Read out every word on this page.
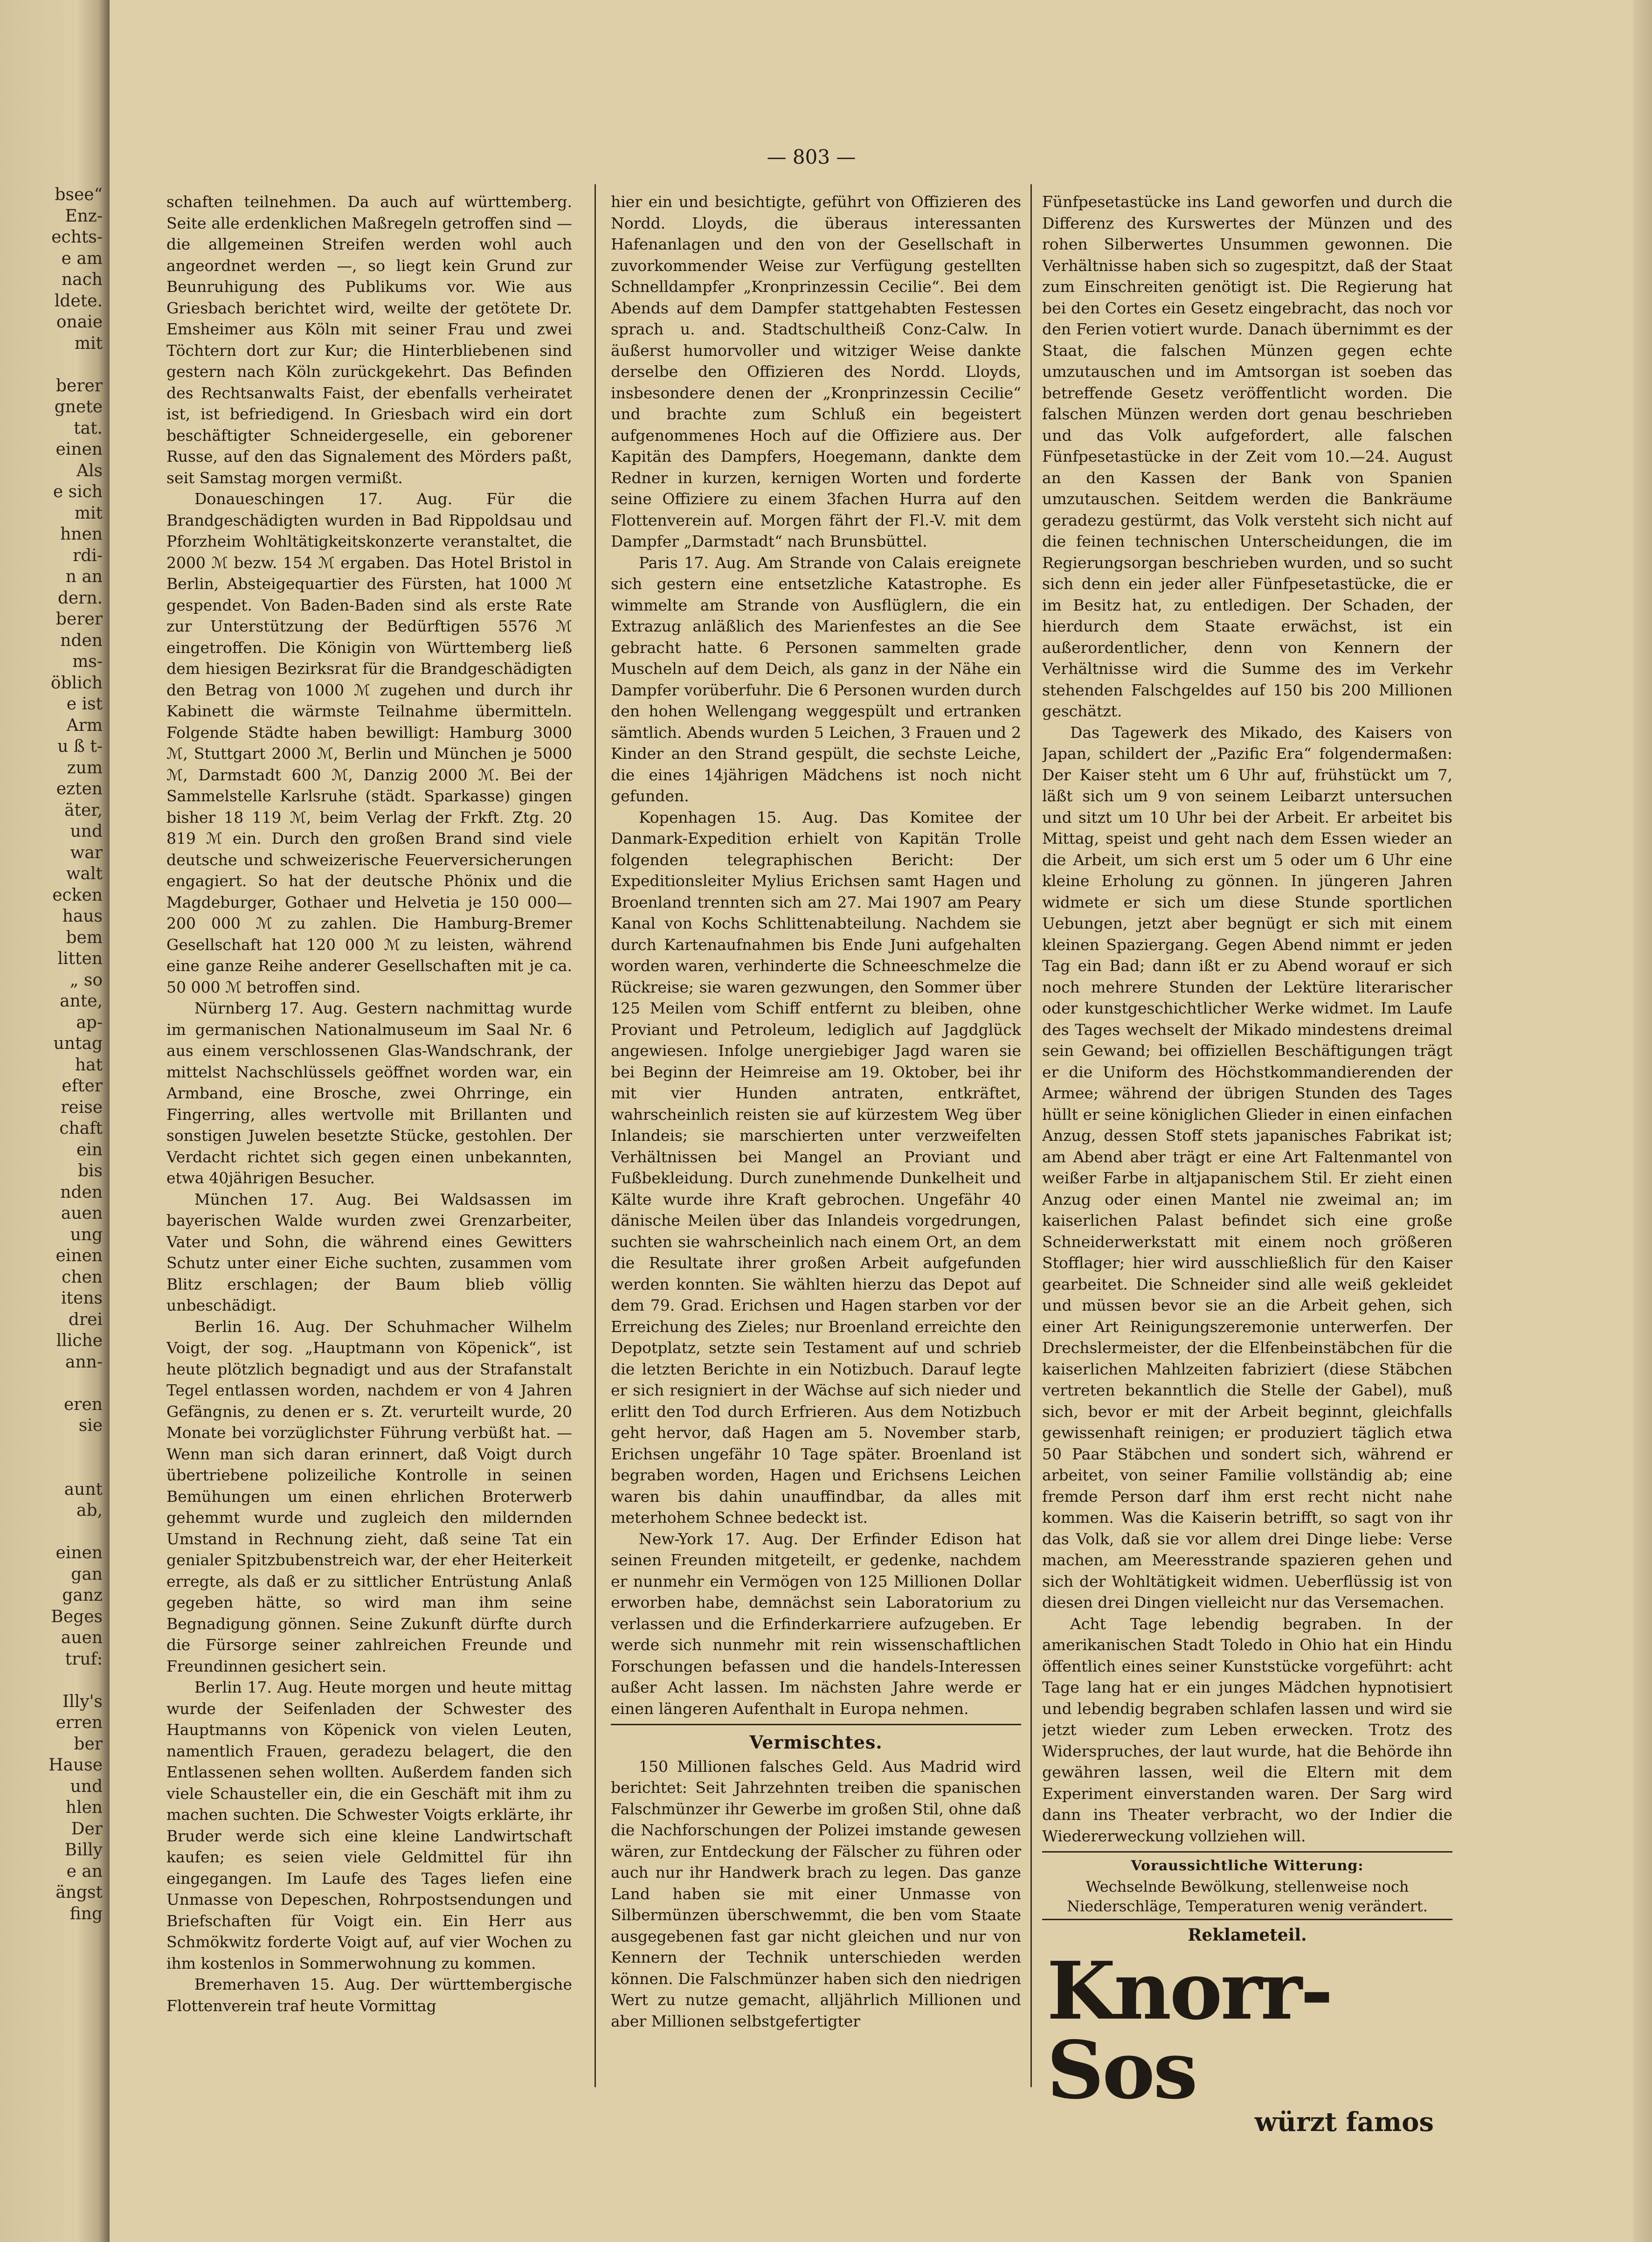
bsee“
Enz-
echts-
e am
nach
ldete.
onaie
mit

berer
gnete
tat.
einen
Als
e sich
mit
hnen
rdi-
n an
dern.
berer
nden
ms-
öblich
e ist
Arm
u ß t-
zum
ezten
äter,
und
war
walt
ecken
haus
bem
litten
„ so
ante,
ap-
untag
hat
efter
reise
chaft
ein
bis
nden
auen
ung
einen
chen
itens
drei
lliche
ann-

eren
sie

aunt
ab,

einen
gan
ganz
Beges
auen
truf:

Illy's
erren
ber
Hause
und
hlen
Der
Billy
e an
ängst
fing
— 803 —

schaften teilnehmen. Da auch auf württemberg. Seite alle erdenklichen Maßregeln getroffen sind — die allgemeinen Streifen werden wohl auch angeordnet werden —, so liegt kein Grund zur Beunruhigung des Publikums vor. Wie aus Griesbach berichtet wird, weilte der getötete Dr. Emsheimer aus Köln mit seiner Frau und zwei Töchtern dort zur Kur; die Hinterbliebenen sind gestern nach Köln zurückgekehrt. Das Befinden des Rechtsanwalts Faist, der ebenfalls verheiratet ist, ist befriedigend. In Griesbach wird ein dort beschäftigter Schneidergeselle, ein geborener Russe, auf den das Signalement des Mörders paßt, seit Samstag morgen vermißt.

Donaueschingen 17. Aug. Für die Brandgeschädigten wurden in Bad Rippoldsau und Pforzheim Wohltätigkeitskonzerte veranstaltet, die 2000 ℳ bezw. 154 ℳ ergaben. Das Hotel Bristol in Berlin, Absteigequartier des Fürsten, hat 1000 ℳ gespendet. Von Baden-Baden sind als erste Rate zur Unterstützung der Bedürftigen 5576 ℳ eingetroffen. Die Königin von Württemberg ließ dem hiesigen Bezirksrat für die Brandgeschädigten den Betrag von 1000 ℳ zugehen und durch ihr Kabinett die wärmste Teilnahme übermitteln. Folgende Städte haben bewilligt: Hamburg 3000 ℳ, Stuttgart 2000 ℳ, Berlin und München je 5000 ℳ, Darmstadt 600 ℳ, Danzig 2000 ℳ. Bei der Sammelstelle Karlsruhe (städt. Sparkasse) gingen bisher 18 119 ℳ, beim Verlag der Frkft. Ztg. 20 819 ℳ ein. Durch den großen Brand sind viele deutsche und schweizerische Feuerversicherungen engagiert. So hat der deutsche Phönix und die Magdeburger, Gothaer und Helvetia je 150 000—200 000 ℳ zu zahlen. Die Hamburg-Bremer Gesellschaft hat 120 000 ℳ zu leisten, während eine ganze Reihe anderer Gesellschaften mit je ca. 50 000 ℳ betroffen sind.

Nürnberg 17. Aug. Gestern nachmittag wurde im germanischen Nationalmuseum im Saal Nr. 6 aus einem verschlossenen Glas-Wandschrank, der mittelst Nachschlüssels geöffnet worden war, ein Armband, eine Brosche, zwei Ohrringe, ein Fingerring, alles wertvolle mit Brillanten und sonstigen Juwelen besetzte Stücke, gestohlen. Der Verdacht richtet sich gegen einen unbekannten, etwa 40jährigen Besucher.

München 17. Aug. Bei Waldsassen im bayerischen Walde wurden zwei Grenzarbeiter, Vater und Sohn, die während eines Gewitters Schutz unter einer Eiche suchten, zusammen vom Blitz erschlagen; der Baum blieb völlig unbeschädigt.

Berlin 16. Aug. Der Schuhmacher Wilhelm Voigt, der sog. „Hauptmann von Köpenick“, ist heute plötzlich begnadigt und aus der Strafanstalt Tegel entlassen worden, nachdem er von 4 Jahren Gefängnis, zu denen er s. Zt. verurteilt wurde, 20 Monate bei vorzüglichster Führung verbüßt hat. — Wenn man sich daran erinnert, daß Voigt durch übertriebene polizeiliche Kontrolle in seinen Bemühungen um einen ehrlichen Broterwerb gehemmt wurde und zugleich den mildernden Umstand in Rechnung zieht, daß seine Tat ein genialer Spitzbubenstreich war, der eher Heiterkeit erregte, als daß er zu sittlicher Entrüstung Anlaß gegeben hätte, so wird man ihm seine Begnadigung gönnen. Seine Zukunft dürfte durch die Fürsorge seiner zahlreichen Freunde und Freundinnen gesichert sein.

Berlin 17. Aug. Heute morgen und heute mittag wurde der Seifenladen der Schwester des Hauptmanns von Köpenick von vielen Leuten, namentlich Frauen, geradezu belagert, die den Entlassenen sehen wollten. Außerdem fanden sich viele Schausteller ein, die ein Geschäft mit ihm zu machen suchten. Die Schwester Voigts erklärte, ihr Bruder werde sich eine kleine Landwirtschaft kaufen; es seien viele Geldmittel für ihn eingegangen. Im Laufe des Tages liefen eine Unmasse von Depeschen, Rohrpostsendungen und Briefschaften für Voigt ein. Ein Herr aus Schmökwitz forderte Voigt auf, auf vier Wochen zu ihm kostenlos in Sommerwohnung zu kommen.

Bremerhaven 15. Aug. Der württembergische Flottenverein traf heute Vormittag

hier ein und besichtigte, geführt von Offizieren des Nordd. Lloyds, die überaus interessanten Hafenanlagen und den von der Gesellschaft in zuvorkommender Weise zur Verfügung gestellten Schnelldampfer „Kronprinzessin Cecilie“. Bei dem Abends auf dem Dampfer stattgehabten Festessen sprach u. and. Stadtschultheiß Conz-Calw. In äußerst humorvoller und witziger Weise dankte derselbe den Offizieren des Nordd. Lloyds, insbesondere denen der „Kronprinzessin Cecilie“ und brachte zum Schluß ein begeistert aufgenommenes Hoch auf die Offiziere aus. Der Kapitän des Dampfers, Hoegemann, dankte dem Redner in kurzen, kernigen Worten und forderte seine Offiziere zu einem 3fachen Hurra auf den Flottenverein auf. Morgen fährt der Fl.-V. mit dem Dampfer „Darmstadt“ nach Brunsbüttel.

Paris 17. Aug. Am Strande von Calais ereignete sich gestern eine entsetzliche Katastrophe. Es wimmelte am Strande von Ausflüglern, die ein Extrazug anläßlich des Marienfestes an die See gebracht hatte. 6 Personen sammelten grade Muscheln auf dem Deich, als ganz in der Nähe ein Dampfer vorüberfuhr. Die 6 Personen wurden durch den hohen Wellengang weggespült und ertranken sämtlich. Abends wurden 5 Leichen, 3 Frauen und 2 Kinder an den Strand gespült, die sechste Leiche, die eines 14jährigen Mädchens ist noch nicht gefunden.

Kopenhagen 15. Aug. Das Komitee der Danmark-Expedition erhielt von Kapitän Trolle folgenden telegraphischen Bericht: Der Expeditionsleiter Mylius Erichsen samt Hagen und Broenland trennten sich am 27. Mai 1907 am Peary Kanal von Kochs Schlittenabteilung. Nachdem sie durch Kartenaufnahmen bis Ende Juni aufgehalten worden waren, verhinderte die Schneeschmelze die Rückreise; sie waren gezwungen, den Sommer über 125 Meilen vom Schiff entfernt zu bleiben, ohne Proviant und Petroleum, lediglich auf Jagdglück angewiesen. Infolge unergiebiger Jagd waren sie bei Beginn der Heimreise am 19. Oktober, bei ihr mit vier Hunden antraten, entkräftet, wahrscheinlich reisten sie auf kürzestem Weg über Inlandeis; sie marschierten unter verzweifelten Verhältnissen bei Mangel an Proviant und Fußbekleidung. Durch zunehmende Dunkelheit und Kälte wurde ihre Kraft gebrochen. Ungefähr 40 dänische Meilen über das Inlandeis vorgedrungen, suchten sie wahrscheinlich nach einem Ort, an dem die Resultate ihrer großen Arbeit aufgefunden werden konnten. Sie wählten hierzu das Depot auf dem 79. Grad. Erichsen und Hagen starben vor der Erreichung des Zieles; nur Broenland erreichte den Depotplatz, setzte sein Testament auf und schrieb die letzten Berichte in ein Notizbuch. Darauf legte er sich resigniert in der Wächse auf sich nieder und erlitt den Tod durch Erfrieren. Aus dem Notizbuch geht hervor, daß Hagen am 5. November starb, Erichsen ungefähr 10 Tage später. Broenland ist begraben worden, Hagen und Erichsens Leichen waren bis dahin unauffindbar, da alles mit meterhohem Schnee bedeckt ist.

New-York 17. Aug. Der Erfinder Edison hat seinen Freunden mitgeteilt, er gedenke, nachdem er nunmehr ein Vermögen von 125 Millionen Dollar erworben habe, demnächst sein Laboratorium zu verlassen und die Erfinderkarriere aufzugeben. Er werde sich nunmehr mit rein wissenschaftlichen Forschungen befassen und die handels-Interessen außer Acht lassen. Im nächsten Jahre werde er einen längeren Aufenthalt in Europa nehmen.

Vermischtes.

150 Millionen falsches Geld. Aus Madrid wird berichtet: Seit Jahrzehnten treiben die spanischen Falschmünzer ihr Gewerbe im großen Stil, ohne daß die Nachforschungen der Polizei imstande gewesen wären, zur Entdeckung der Fälscher zu führen oder auch nur ihr Handwerk brach zu legen. Das ganze Land haben sie mit einer Unmasse von Silbermünzen überschwemmt, die ben vom Staate ausgegebenen fast gar nicht gleichen und nur von Kennern der Technik unterschieden werden können. Die Falschmünzer haben sich den niedrigen Wert zu nutze gemacht, alljährlich Millionen und aber Millionen selbstgefertigter

Fünfpesetastücke ins Land geworfen und durch die Differenz des Kurswertes der Münzen und des rohen Silberwertes Unsummen gewonnen. Die Verhältnisse haben sich so zugespitzt, daß der Staat zum Einschreiten genötigt ist. Die Regierung hat bei den Cortes ein Gesetz eingebracht, das noch vor den Ferien votiert wurde. Danach übernimmt es der Staat, die falschen Münzen gegen echte umzutauschen und im Amtsorgan ist soeben das betreffende Gesetz veröffentlicht worden. Die falschen Münzen werden dort genau beschrieben und das Volk aufgefordert, alle falschen Fünfpesetastücke in der Zeit vom 10.—24. August an den Kassen der Bank von Spanien umzutauschen. Seitdem werden die Bankräume geradezu gestürmt, das Volk versteht sich nicht auf die feinen technischen Unterscheidungen, die im Regierungsorgan beschrieben wurden, und so sucht sich denn ein jeder aller Fünfpesetastücke, die er im Besitz hat, zu entledigen. Der Schaden, der hierdurch dem Staate erwächst, ist ein außerordentlicher, denn von Kennern der Verhältnisse wird die Summe des im Verkehr stehenden Falschgeldes auf 150 bis 200 Millionen geschätzt.

Das Tagewerk des Mikado, des Kaisers von Japan, schildert der „Pazific Era“ folgendermaßen: Der Kaiser steht um 6 Uhr auf, frühstückt um 7, läßt sich um 9 von seinem Leibarzt untersuchen und sitzt um 10 Uhr bei der Arbeit. Er arbeitet bis Mittag, speist und geht nach dem Essen wieder an die Arbeit, um sich erst um 5 oder um 6 Uhr eine kleine Erholung zu gönnen. In jüngeren Jahren widmete er sich um diese Stunde sportlichen Uebungen, jetzt aber begnügt er sich mit einem kleinen Spaziergang. Gegen Abend nimmt er jeden Tag ein Bad; dann ißt er zu Abend worauf er sich noch mehrere Stunden der Lektüre literarischer oder kunstgeschichtlicher Werke widmet. Im Laufe des Tages wechselt der Mikado mindestens dreimal sein Gewand; bei offiziellen Beschäftigungen trägt er die Uniform des Höchstkommandierenden der Armee; während der übrigen Stunden des Tages hüllt er seine königlichen Glieder in einen einfachen Anzug, dessen Stoff stets japanisches Fabrikat ist; am Abend aber trägt er eine Art Faltenmantel von weißer Farbe in altjapanischem Stil. Er zieht einen Anzug oder einen Mantel nie zweimal an; im kaiserlichen Palast befindet sich eine große Schneiderwerkstatt mit einem noch größeren Stofflager; hier wird ausschließlich für den Kaiser gearbeitet. Die Schneider sind alle weiß gekleidet und müssen bevor sie an die Arbeit gehen, sich einer Art Reinigungszeremonie unterwerfen. Der Drechslermeister, der die Elfenbeinstäbchen für die kaiserlichen Mahlzeiten fabriziert (diese Stäbchen vertreten bekanntlich die Stelle der Gabel), muß sich, bevor er mit der Arbeit beginnt, gleichfalls gewissenhaft reinigen; er produziert täglich etwa 50 Paar Stäbchen und sondert sich, während er arbeitet, von seiner Familie vollständig ab; eine fremde Person darf ihm erst recht nicht nahe kommen. Was die Kaiserin betrifft, so sagt von ihr das Volk, daß sie vor allem drei Dinge liebe: Verse machen, am Meeresstrande spazieren gehen und sich der Wohltätigkeit widmen. Ueberflüssig ist von diesen drei Dingen vielleicht nur das Versemachen.

Acht Tage lebendig begraben. In der amerikanischen Stadt Toledo in Ohio hat ein Hindu öffentlich eines seiner Kunststücke vorgeführt: acht Tage lang hat er ein junges Mädchen hypnotisiert und lebendig begraben schlafen lassen und wird sie jetzt wieder zum Leben erwecken. Trotz des Widerspruches, der laut wurde, hat die Behörde ihn gewähren lassen, weil die Eltern mit dem Experiment einverstanden waren. Der Sarg wird dann ins Theater verbracht, wo der Indier die Wiedererweckung vollziehen will.

Voraussichtliche Witterung:
Wechselnde Bewölkung, stellenweise noch Niederschläge, Temperaturen wenig verändert.
Reklameteil.
Knorr-Sos
würzt famos
